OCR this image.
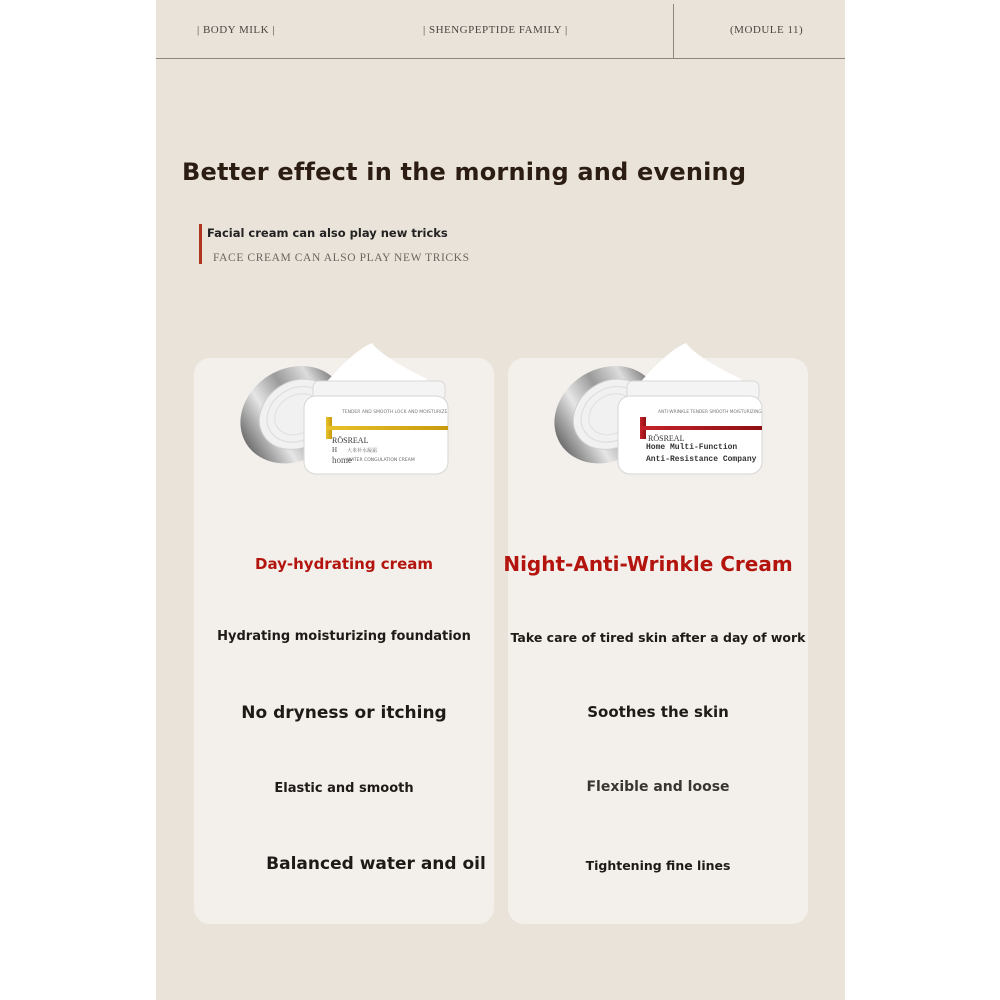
| BODY MILK |	| SHENGPEPTIDE FAMILY |	(MODULE 11)
Better effect in the morning and evening
Facial cream can also play new tricks
FACE CREAM CAN ALSO PLAY NEW TRICKS
TENDER AND SMOOTH LOCK AND MOISTURIZE
RÖSREAL
H 大米补水凝霜
WATER CONGULATION CREAM
home
Day-hydrating cream
Hydrating moisturizing foundation
No dryness or itching
Elastic and smooth
Balanced water and oil
ANTI-WRINKLE TENDER SMOOTH MOISTURIZING
RÖSREAL
Home Multi-Function
Anti-Resistance Company
Night-Anti-Wrinkle Cream
Take care of tired skin after a day of work
Soothes the skin
Flexible and loose
Tightening fine lines
